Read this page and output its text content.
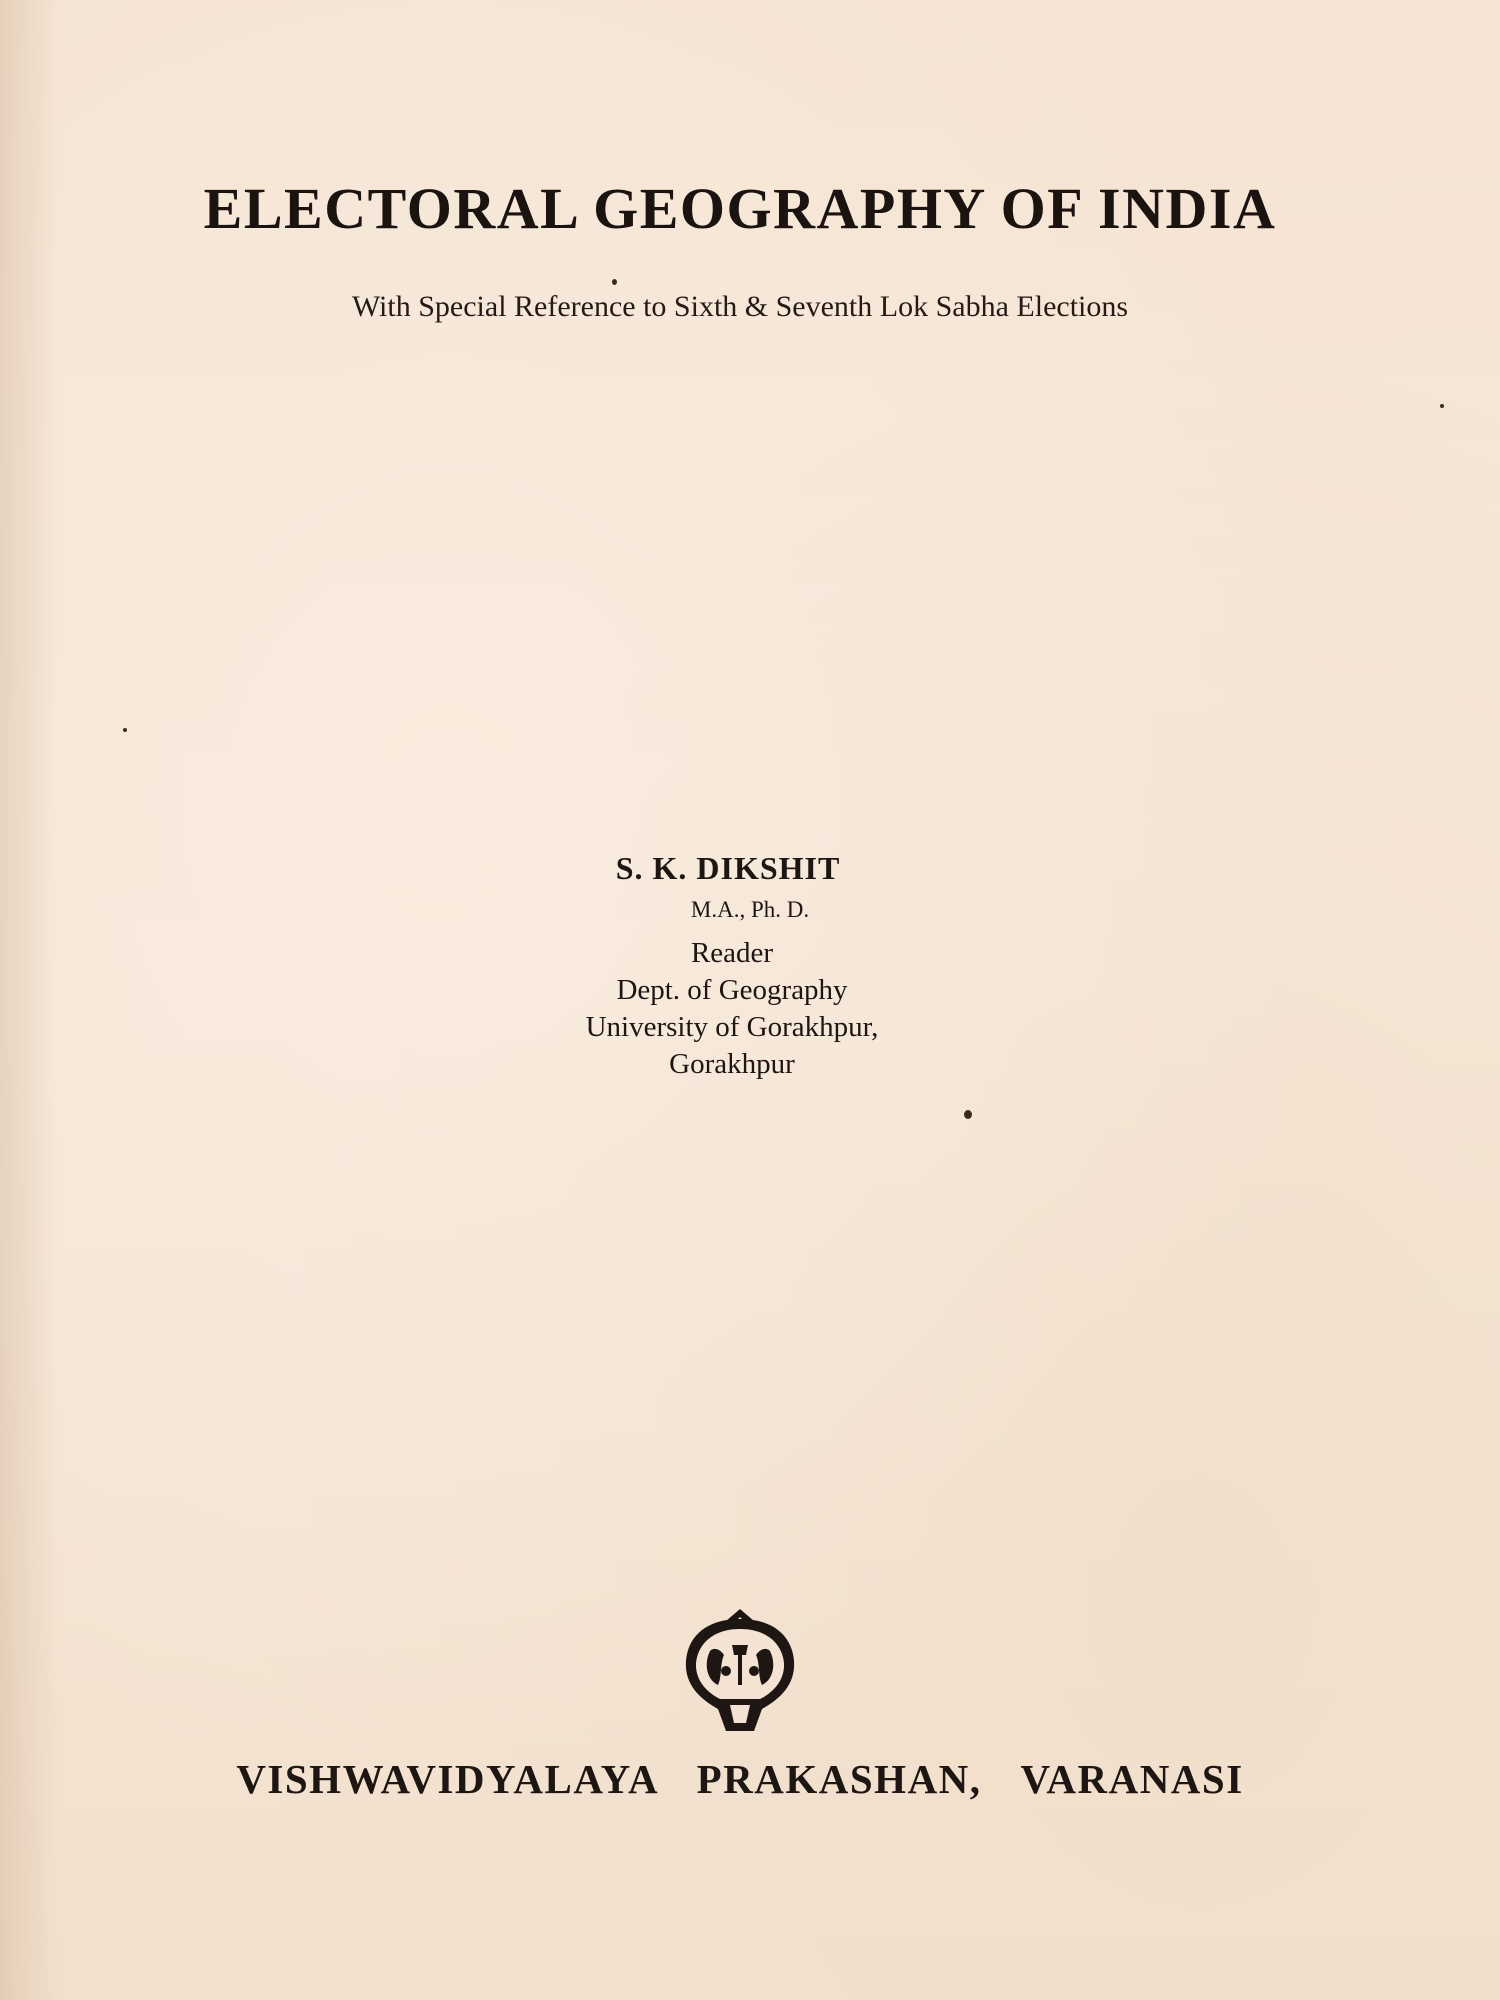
ELECTORAL GEOGRAPHY OF INDIA
With Special Reference to Sixth & Seventh Lok Sabha Elections
S. K. DIKSHIT
M.A., Ph. D.
Reader
Dept. of Geography
University of Gorakhpur,
Gorakhpur
VISHWAVIDYALAYA PRAKASHAN, VARANASI
